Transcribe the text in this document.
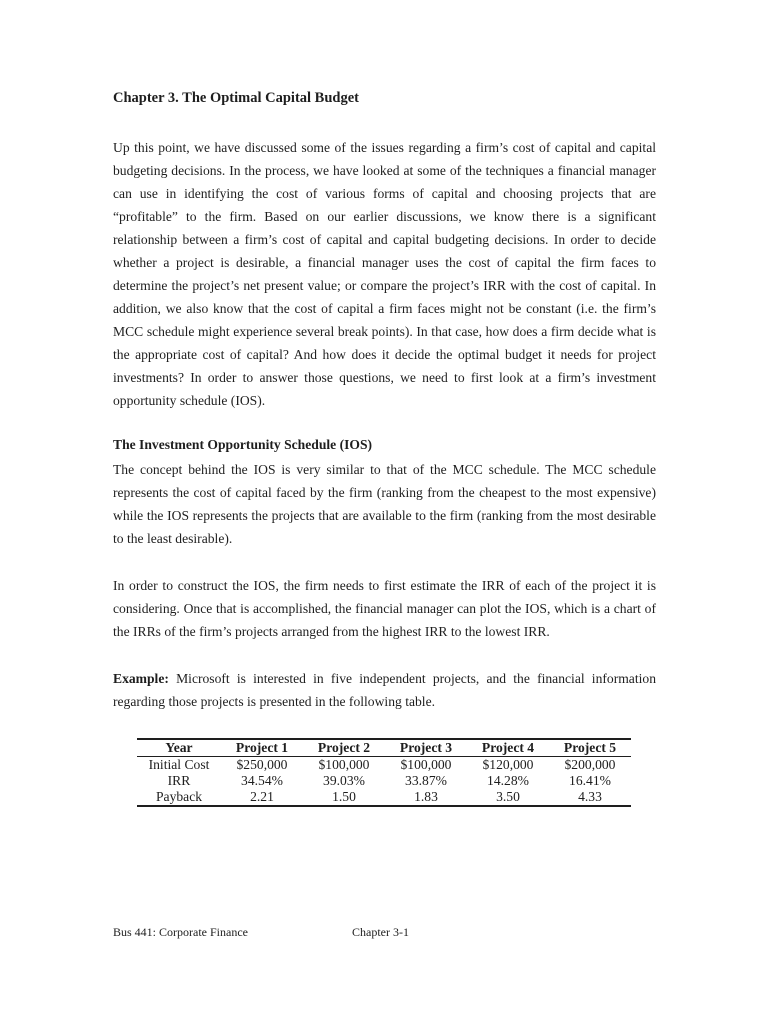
Chapter 3. The Optimal Capital Budget

Up this point, we have discussed some of the issues regarding a firm’s cost of capital and capital budgeting decisions. In the process, we have looked at some of the techniques a financial manager can use in identifying the cost of various forms of capital and choosing projects that are “profitable” to the firm. Based on our earlier discussions, we know there is a significant relationship between a firm’s cost of capital and capital budgeting decisions. In order to decide whether a project is desirable, a financial manager uses the cost of capital the firm faces to determine the project’s net present value; or compare the project’s IRR with the cost of capital. In addition, we also know that the cost of capital a firm faces might not be constant (i.e. the firm’s MCC schedule might experience several break points). In that case, how does a firm decide what is the appropriate cost of capital? And how does it decide the optimal budget it needs for project investments? In order to answer those questions, we need to first look at a firm’s investment opportunity schedule (IOS).

The Investment Opportunity Schedule (IOS)

The concept behind the IOS is very similar to that of the MCC schedule. The MCC schedule represents the cost of capital faced by the firm (ranking from the cheapest to the most expensive) while the IOS represents the projects that are available to the firm (ranking from the most desirable to the least desirable).

In order to construct the IOS, the firm needs to first estimate the IRR of each of the project it is considering. Once that is accomplished, the financial manager can plot the IOS, which is a chart of the IRRs of the firm’s projects arranged from the highest IRR to the lowest IRR.

Example: Microsoft is interested in five independent projects, and the financial information regarding those projects is presented in the following table.

Year	Project 1	Project 2	Project 3	Project 4	Project 5
Initial Cost	$250,000	$100,000	$100,000	$120,000	$200,000
IRR	34.54%	39.03%	33.87%	14.28%	16.41%
Payback	2.21	1.50	1.83	3.50	4.33
Bus 441: Corporate Finance	Chapter 3-1
